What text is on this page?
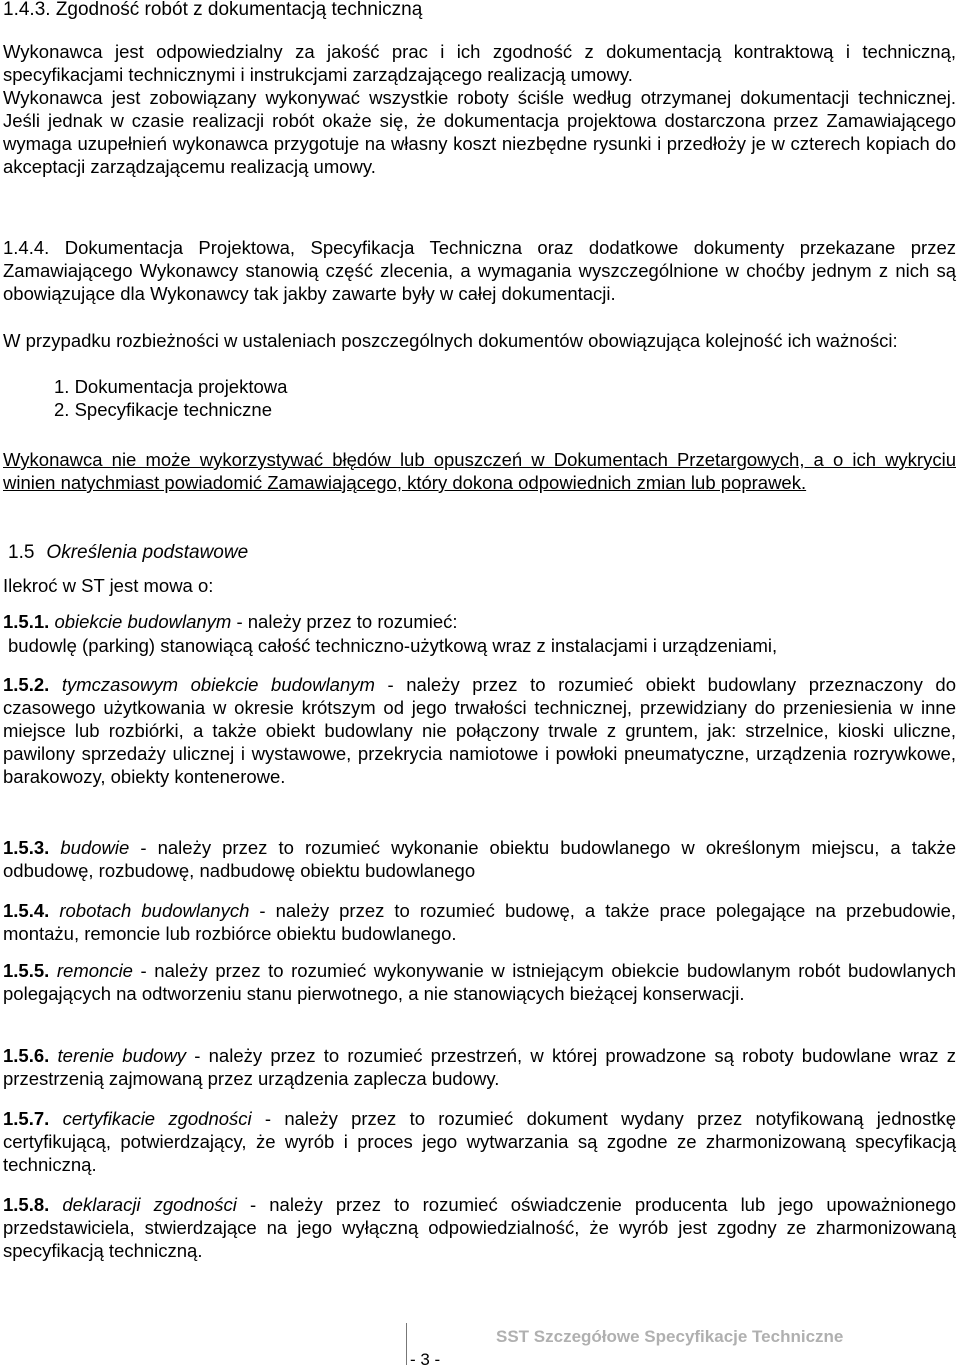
1.4.3. Zgodność robót z dokumentacją techniczną

Wykonawca jest odpowiedzialny za jakość prac i ich zgodność z dokumentacją kontraktową i techniczną, specyfikacjami technicznymi i instrukcjami zarządzającego realizacją umowy.

Wykonawca jest zobowiązany wykonywać wszystkie roboty ściśle według otrzymanej dokumentacji technicznej. Jeśli jednak w czasie realizacji robót okaże się, że dokumentacja projektowa dostarczona przez Zamawiającego wymaga uzupełnień wykonawca przygotuje na własny koszt niezbędne rysunki i przedłoży je w czterech kopiach do akceptacji zarządzającemu realizacją umowy.

1.4.4. Dokumentacja Projektowa, Specyfikacja Techniczna oraz dodatkowe dokumenty przekazane przez Zamawiającego Wykonawcy stanowią część zlecenia, a wymagania wyszczególnione w choćby jednym z nich są obowiązujące dla Wykonawcy tak jakby zawarte były w całej dokumentacji.

W przypadku rozbieżności w ustaleniach poszczególnych dokumentów obowiązująca kolejność ich ważności:

1. Dokumentacja projektowa
2. Specyfikacje techniczne

Wykonawca nie może wykorzystywać błędów lub opuszczeń w Dokumentach Przetargowych, a o ich wykryciu winien natychmiast powiadomić Zamawiającego, który dokona odpowiednich zmian lub poprawek.

1.5 Określenia podstawowe

Ilekroć w ST jest mowa o:

1.5.1. obiekcie budowlanym - należy przez to rozumieć:

budowlę (parking) stanowiącą całość techniczno-użytkową wraz z instalacjami i urządzeniami,

1.5.2. tymczasowym obiekcie budowlanym - należy przez to rozumieć obiekt budowlany przeznaczony do czasowego użytkowania w okresie krótszym od jego trwałości technicznej, przewidziany do przeniesienia w inne miejsce lub rozbiórki, a także obiekt budowlany nie połączony trwale z gruntem, jak: strzelnice, kioski uliczne, pawilony sprzedaży ulicznej i wystawowe, przekrycia namiotowe i powłoki pneumatyczne, urządzenia rozrywkowe, barakowozy, obiekty kontenerowe.

1.5.3. budowie - należy przez to rozumieć wykonanie obiektu budowlanego w określonym miejscu, a także odbudowę, rozbudowę, nadbudowę obiektu budowlanego

1.5.4. robotach budowlanych - należy przez to rozumieć budowę, a także prace polegające na przebudowie, montażu, remoncie lub rozbiórce obiektu budowlanego.

1.5.5. remoncie - należy przez to rozumieć wykonywanie w istniejącym obiekcie budowlanym robót budowlanych polegających na odtworzeniu stanu pierwotnego, a nie stanowiących bieżącej konserwacji.

1.5.6. terenie budowy - należy przez to rozumieć przestrzeń, w której prowadzone są roboty budowlane wraz z przestrzenią zajmowaną przez urządzenia zaplecza budowy.

1.5.7. certyfikacie zgodności - należy przez to rozumieć dokument wydany przez notyfikowaną jednostkę certyfikującą, potwierdzający, że wyrób i proces jego wytwarzania są zgodne ze zharmonizowaną specyfikacją techniczną.

1.5.8. deklaracji zgodności - należy przez to rozumieć oświadczenie producenta lub jego upoważnionego przedstawiciela, stwierdzające na jego wyłączną odpowiedzialność, że wyrób jest zgodny ze zharmonizowaną specyfikacją techniczną.

SST Szczegółowe Specyfikacje Techniczne
- 3 -
